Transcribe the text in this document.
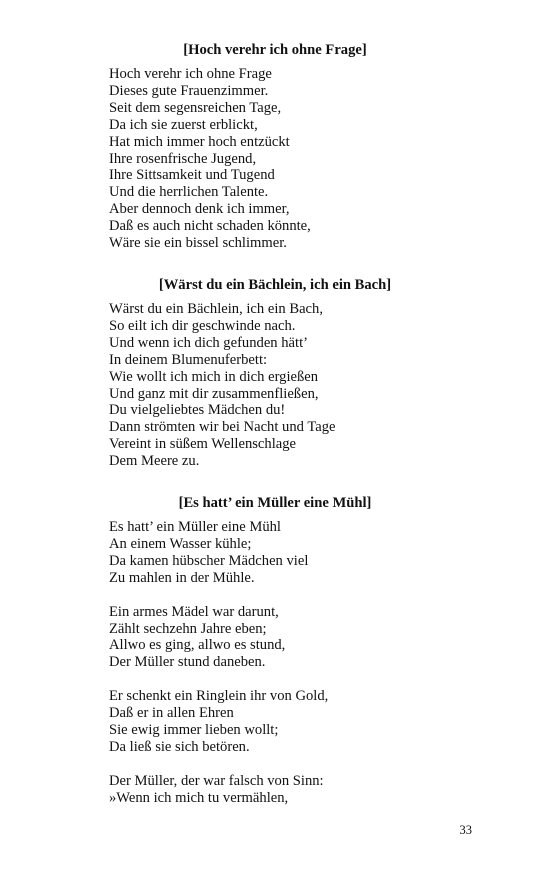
[Hoch verehr ich ohne Frage]
Hoch verehr ich ohne Frage
Dieses gute Frauenzimmer.
Seit dem segensreichen Tage,
Da ich sie zuerst erblickt,
Hat mich immer hoch entzückt
Ihre rosenfrische Jugend,
Ihre Sittsamkeit und Tugend
Und die herrlichen Talente.
Aber dennoch denk ich immer,
Daß es auch nicht schaden könnte,
Wäre sie ein bissel schlimmer.
[Wärst du ein Bächlein, ich ein Bach]
Wärst du ein Bächlein, ich ein Bach,
So eilt ich dir geschwinde nach.
Und wenn ich dich gefunden hätt’
In deinem Blumenuferbett:
Wie wollt ich mich in dich ergießen
Und ganz mit dir zusammenfließen,
Du vielgeliebtes Mädchen du!
Dann strömten wir bei Nacht und Tage
Vereint in süßem Wellenschlage
Dem Meere zu.
[Es hatt’ ein Müller eine Mühl]
Es hatt’ ein Müller eine Mühl
An einem Wasser kühle;
Da kamen hübscher Mädchen viel
Zu mahlen in der Mühle.
Ein armes Mädel war darunt,
Zählt sechzehn Jahre eben;
Allwo es ging, allwo es stund,
Der Müller stund daneben.
Er schenkt ein Ringlein ihr von Gold,
Daß er in allen Ehren
Sie ewig immer lieben wollt;
Da ließ sie sich betören.
Der Müller, der war falsch von Sinn:
»Wenn ich mich tu vermählen,
33
